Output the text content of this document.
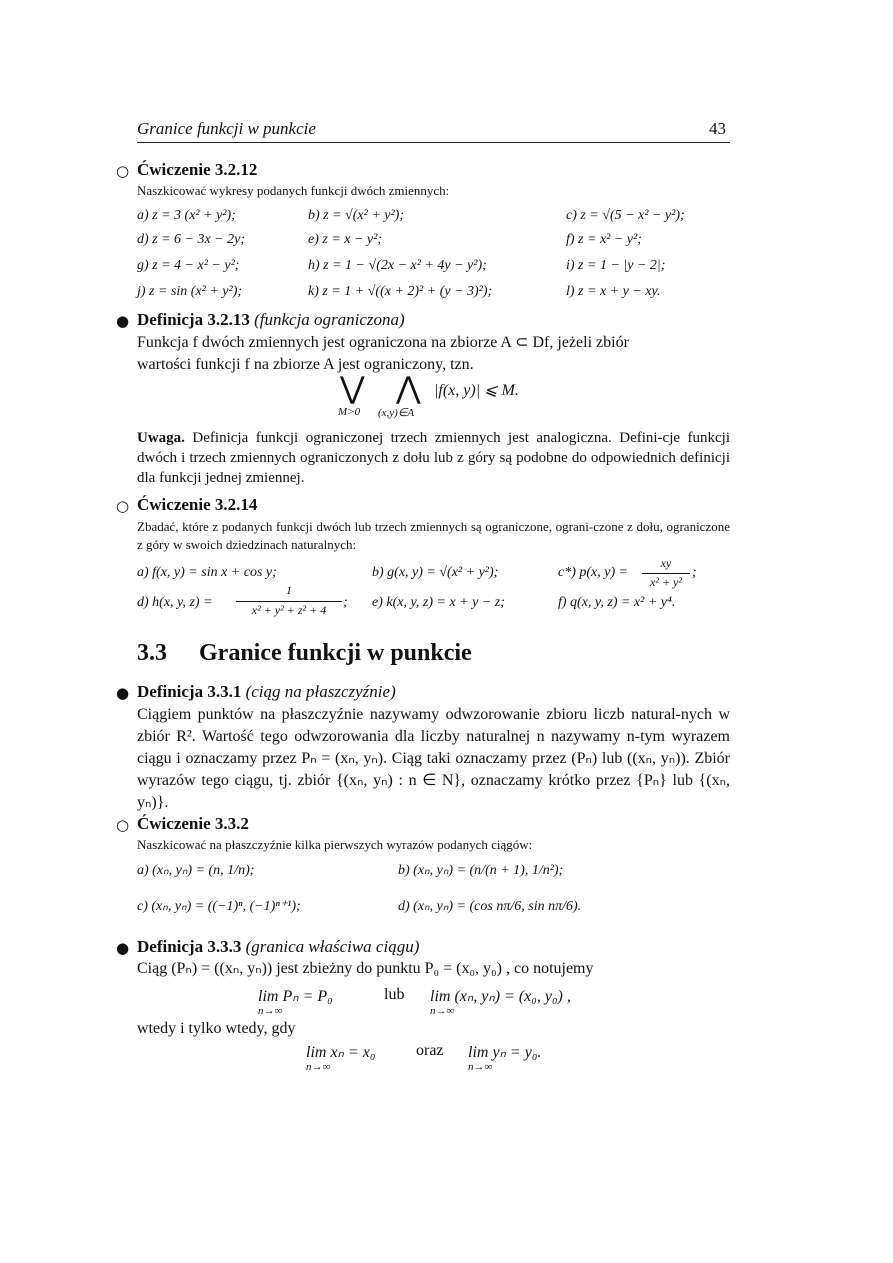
Granice funkcji w punkcie	43
○ Ćwiczenie 3.2.12
Naszkicować wykresy podanych funkcji dwóch zmiennych:
a) z = 3 (x² + y²);	b) z = √(x² + y²);	c) z = √(5 − x² − y²);
d) z = 6 − 3x − 2y;	e) z = x − y²;	f) z = x² − y²;
g) z = 4 − x² − y²;	h) z = 1 − √(2x − x² + 4y − y²);	i) z = 1 − |y − 2|;
j) z = sin (x² + y²);	k) z = 1 + √((x + 2)² + (y − 3)²);	l) z = x + y − xy.
● Definicja 3.2.13 (funkcja ograniczona)
Funkcja f dwóch zmiennych jest ograniczona na zbiorze A ⊂ Df, jeżeli zbiór
wartości funkcji f na zbiorze A jest ograniczony, tzn.
⋁ ⋀ |f(x, y)| ⩽ M.
M>0 (x,y)∈A
Uwaga. Definicja funkcji ograniczonej trzech zmiennych jest analogiczna. Defini-cje funkcji dwóch i trzech zmiennych ograniczonych z dołu lub z góry są podobne do odpowiednich definicji dla funkcji jednej zmiennej.
○ Ćwiczenie 3.2.14
Zbadać, które z podanych funkcji dwóch lub trzech zmiennych są ograniczone, ograni-czone z dołu, ograniczone z góry w swoich dziedzinach naturalnych:
a) f(x, y) = sin x + cos y;	b) g(x, y) = √(x² + y²);	c*) p(x, y) =
xy
x² + y²
;
d) h(x, y, z) =
1
x² + y² + z² + 4	; e) k(x, y, z) = x + y − z;	f) q(x, y, z) = x² + y⁴.
3.3 Granice funkcji w punkcie
● Definicja 3.3.1 (ciąg na płaszczyźnie)
Ciągiem punktów na płaszczyźnie nazywamy odwzorowanie zbioru liczb natural-nych w zbiór R². Wartość tego odwzorowania dla liczby naturalnej n nazywamy n-tym wyrazem ciągu i oznaczamy przez Pₙ = (xₙ, yₙ). Ciąg taki oznaczamy przez (Pₙ) lub ((xₙ, yₙ)). Zbiór wyrazów tego ciągu, tj. zbiór {(xₙ, yₙ) : n ∈ N}, oznaczamy krótko przez {Pₙ} lub {(xₙ, yₙ)}.
○ Ćwiczenie 3.3.2
Naszkicować na płaszczyźnie kilka pierwszych wyrazów podanych ciągów:
a) (xₙ, yₙ) = (n, 1/n);	b) (xₙ, yₙ) = (n/(n + 1), 1/n²);
c) (xₙ, yₙ) = ((−1)ⁿ, (−1)ⁿ⁺¹);	d) (xₙ, yₙ) = (cos nπ/6, sin nπ/6).
● Definicja 3.3.3 (granica właściwa ciągu)
Ciąg (Pₙ) = ((xₙ, yₙ)) jest zbieżny do punktu P₀ = (x₀, y₀) , co notujemy
lim Pₙ = P₀
n→∞
lub	lim (xₙ, yₙ) = (x₀, y₀) ,
n→∞
wtedy i tylko wtedy, gdy
lim xₙ = x₀
n→∞
oraz	lim yₙ = y₀.
n→∞
